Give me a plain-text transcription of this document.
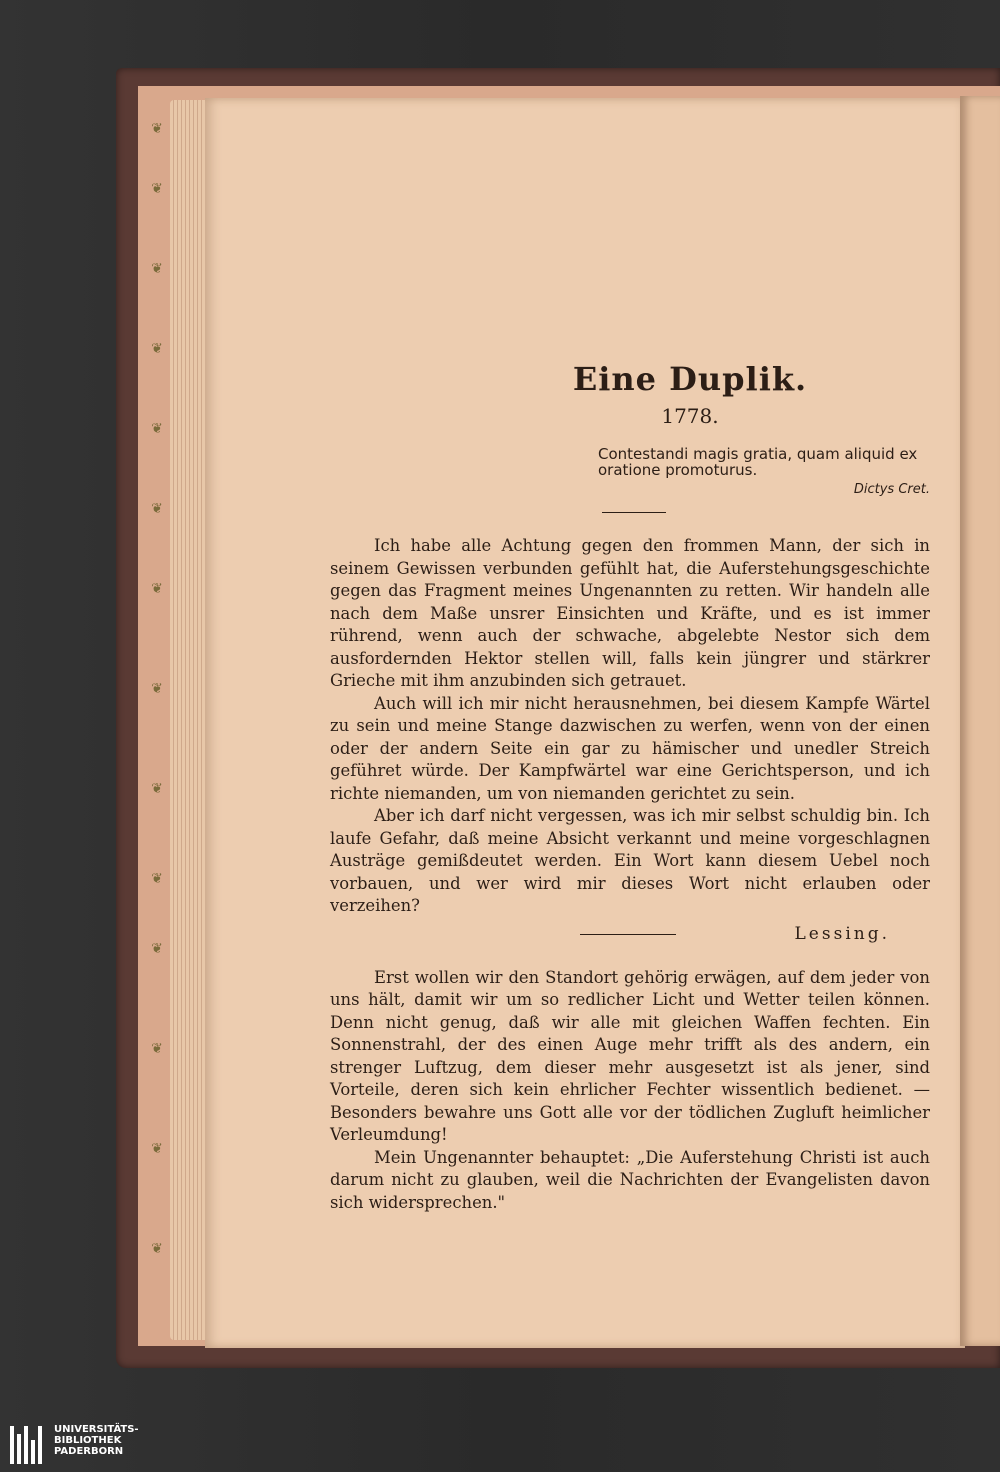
❦
❦
❦
❦
❦
❦
❦
❦
❦
❦
❦
❦
❦
❦
Eine Duplik.
1778.
Contestandi magis gratia, quam aliquid ex oratione promoturus.
Dictys Cret.

Ich habe alle Achtung gegen den frommen Mann, der sich in seinem Gewissen verbunden gefühlt hat, die Auferstehungsgeschichte gegen das Fragment meines Ungenannten zu retten. Wir handeln alle nach dem Maße unsrer Einsichten und Kräfte, und es ist immer rührend, wenn auch der schwache, abgelebte Nestor sich dem ausfordernden Hektor stellen will, falls kein jüngrer und stärkrer Grieche mit ihm anzubinden sich getrauet.

Auch will ich mir nicht herausnehmen, bei diesem Kampfe Wärtel zu sein und meine Stange dazwischen zu werfen, wenn von der einen oder der andern Seite ein gar zu hämischer und unedler Streich geführet würde. Der Kampfwärtel war eine Gerichtsperson, und ich richte niemanden, um von niemanden gerichtet zu sein.

Aber ich darf nicht vergessen, was ich mir selbst schuldig bin. Ich laufe Gefahr, daß meine Absicht verkannt und meine vorgeschlagnen Austräge gemißdeutet werden. Ein Wort kann diesem Uebel noch vorbauen, und wer wird mir dieses Wort nicht erlauben oder verzeihen?

Lessing.

Erst wollen wir den Standort gehörig erwägen, auf dem jeder von uns hält, damit wir um so redlicher Licht und Wetter teilen können. Denn nicht genug, daß wir alle mit gleichen Waffen fechten. Ein Sonnenstrahl, der des einen Auge mehr trifft als des andern, ein strenger Luftzug, dem dieser mehr ausgesetzt ist als jener, sind Vorteile, deren sich kein ehrlicher Fechter wissentlich bedienet. — Besonders bewahre uns Gott alle vor der tödlichen Zugluft heimlicher Verleumdung!

Mein Ungenannter behauptet: „Die Auferstehung Christi ist auch darum nicht zu glauben, weil die Nachrichten der Evangelisten davon sich widersprechen."

UNIVERSITÄTS-
BIBLIOTHEK
PADERBORN
